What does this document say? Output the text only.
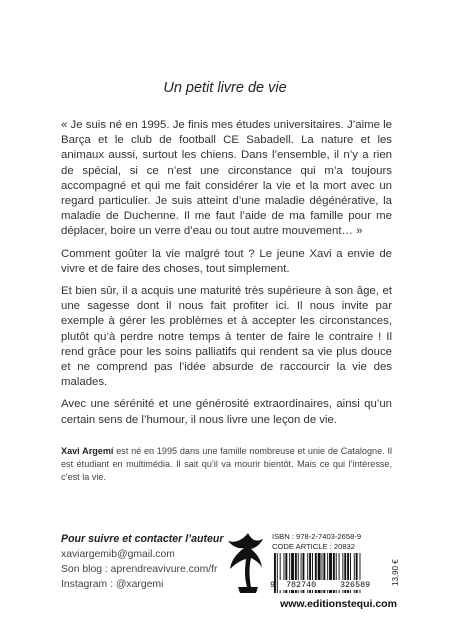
Un petit livre de vie

« Je suis né en 1995. Je finis mes études universitaires. J’aime le Barça et le club de football CE Sabadell. La nature et les animaux aussi, surtout les chiens. Dans l’ensemble, il n’y a rien de spécial, si ce n’est une circonstance qui m’a toujours accompagné et qui me fait considérer la vie et la mort avec un regard particulier. Je suis atteint d’une maladie dégénérative, la maladie de Duchenne. Il me faut l’aide de ma famille pour me déplacer, boire un verre d’eau ou tout autre mouvement… »

Comment goûter la vie malgré tout ? Le jeune Xavi a envie de vivre et de faire des choses, tout simplement.

Et bien sûr, il a acquis une maturité très supérieure à son âge, et une sagesse dont il nous fait profiter ici. Il nous invite par exemple à gérer les problèmes et à accepter les circonstances, plutôt qu’à perdre notre temps à tenter de faire le contraire ! Il rend grâce pour les soins palliatifs qui rendent sa vie plus douce et ne comprend pas l’idée absurde de raccourcir la vie des malades.

Avec une sérénité et une générosité extraordinaires, ainsi qu’un certain sens de l’humour, il nous livre une leçon de vie.

Xavi Argemí est né en 1995 dans une famille nombreuse et unie de Catalogne. Il est étudiant en multimédia. Il sait qu’il va mourir bientôt. Mais ce qui l’intéresse, c’est la vie.
Pour suivre et contacter l’auteur
xaviargemib@gmail.com
Son blog : aprendreavivure.com/fr
Instagram : @xargemi
ISBN : 978-2-7403-2658-9
CODE ARTICLE : 20832
9 782740	326589	13,90 €
www.editionstequi.com
